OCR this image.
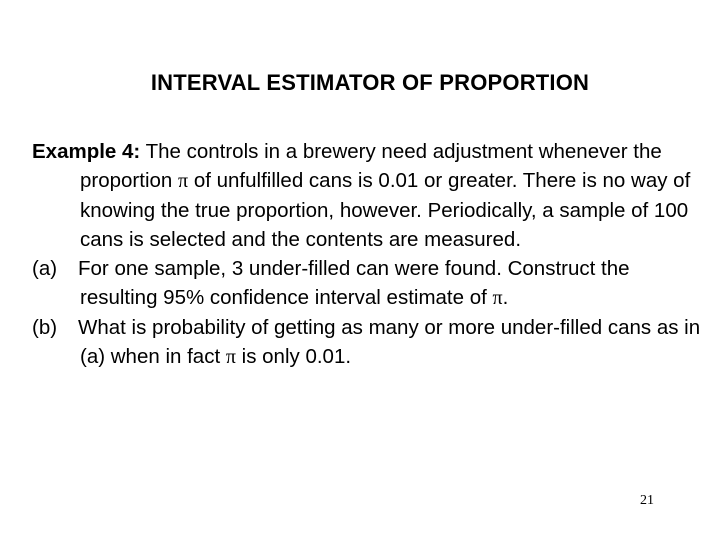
INTERVAL ESTIMATOR OF PROPORTION

Example 4: The controls in a brewery need adjustment whenever the proportion π of unfulfilled cans is 0.01 or greater. There is no way of knowing the true proportion, however. Periodically, a sample of 100 cans is selected and the contents are measured.

(a) For one sample, 3 under-filled can were found. Construct the resulting 95% confidence interval estimate of π.

(b) What is probability of getting as many or more under-filled cans as in (a) when in fact π is only 0.01.

21
